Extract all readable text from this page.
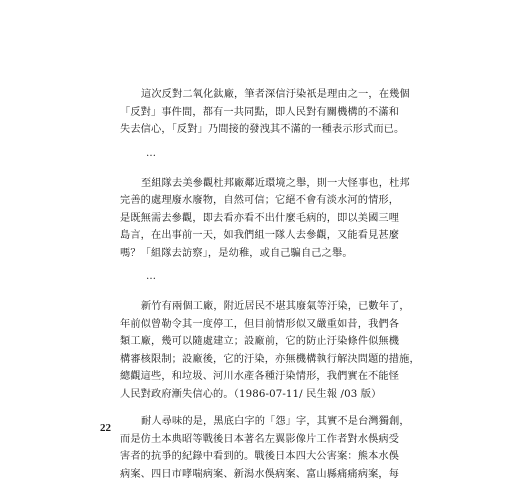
這次反對二氧化鈦廠，筆者深信汙染祇是理由之一，在幾個
「反對」事件間，都有一共同點，即人民對有關機構的不滿和
失去信心，「反對」乃間接的發洩其不滿的一種表示形式而已。

…

至組隊去美參觀杜邦廠鄰近環境之舉，則一大怪事也，杜邦
完善的處理廢水廢物，自然可信；它絕不會有淡水河的情形，
是既無需去參觀，即去看亦看不出什麼毛病的，即以美國三哩
島言，在出事前一天，如我們組一隊人去參觀，又能看見甚麼
嗎？「組隊去訪察」，是幼稚，或自己騙自己之舉。

…

新竹有兩個工廠，附近居民不堪其廢氣等汙染，已數年了，
年前似曾勒令其一度停工，但目前情形似又嚴重如昔，我們各
類工廠，幾可以隨處建立；設廠前，它的防止汙染條件似無機
構審核限制；設廠後，它的汙染，亦無機構執行解決問題的措施，
總觀這些，和垃圾、河川水產各種汙染情形，我們實在不能怪
人民對政府漸失信心的。（1986-07-11/ 民生報 /03 版）

耐人尋味的是，黑底白字的「怨」字，其實不是台灣獨創，
而是仿土本典昭等戰後日本著名左翼影像片工作者對水俁病受
害者的抗爭的紀錄中看到的。戰後日本四大公害案：熊本水俁
病案、四日市哮喘病案、新潟水俁病案、富山縣痛痛病案，每

22
